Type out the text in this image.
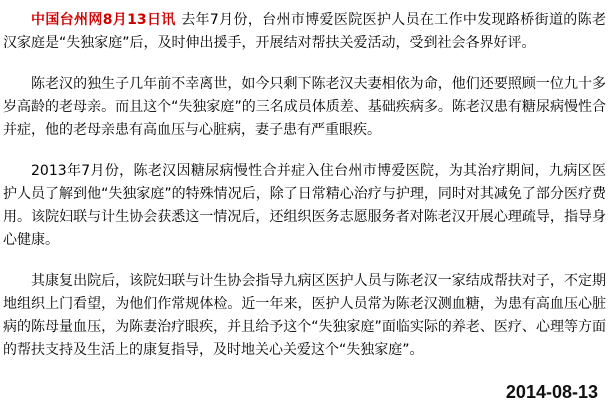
中国台州网8月13日讯 去年7月份，台州市博爱医院医护人员在工作中发现路桥街道的陈老汉家庭是“失独家庭”后，及时伸出援手，开展结对帮扶关爱活动，受到社会各界好评。

陈老汉的独生子几年前不幸离世，如今只剩下陈老汉夫妻相依为命，他们还要照顾一位九十多岁高龄的老母亲。而且这个“失独家庭”的三名成员体质差、基础疾病多。陈老汉患有糖尿病慢性合并症，他的老母亲患有高血压与心脏病，妻子患有严重眼疾。

2013年7月份，陈老汉因糖尿病慢性合并症入住台州市博爱医院，为其治疗期间，九病区医护人员了解到他“失独家庭”的特殊情况后，除了日常精心治疗与护理，同时对其减免了部分医疗费用。该院妇联与计生协会获悉这一情况后，还组织医务志愿服务者对陈老汉开展心理疏导，指导身心健康。

其康复出院后，该院妇联与计生协会指导九病区医护人员与陈老汉一家结成帮扶对子，不定期地组织上门看望，为他们作常规体检。近一年来，医护人员常为陈老汉测血糖，为患有高血压心脏病的陈母量血压，为陈妻治疗眼疾，并且给予这个“失独家庭”面临实际的养老、医疗、心理等方面的帮扶支持及生活上的康复指导，及时地关心关爱这个“失独家庭”。

2014-08-13
